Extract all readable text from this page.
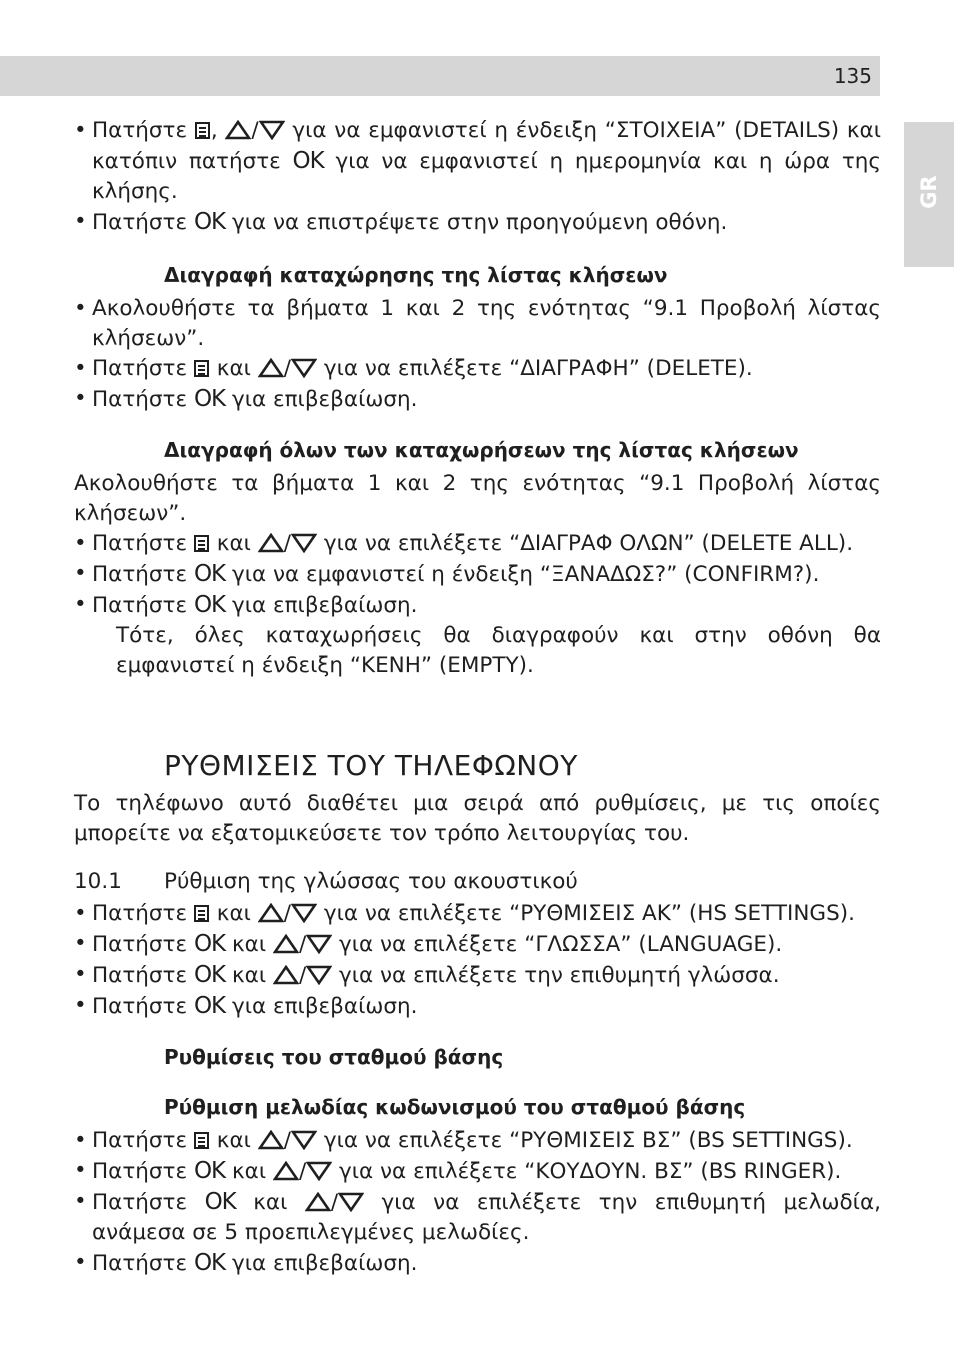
135
GR
• Πατήστε , / για να εμφανιστεί η ένδειξη “ΣΤΟΙΧΕΙΑ” (DETAILS) και κατόπιν πατήστε OK για να εμφανιστεί η ημερομηνία και η ώρα της κλήσης.
• Πατήστε OK για να επιστρέψετε στην προηγούμενη οθόνη.
Διαγραφή καταχώρησης της λίστας κλήσεων
• Ακολουθήστε τα βήματα 1 και 2 της ενότητας “9.1 Προβολή λίστας κλήσεων”.
• Πατήστε και / για να επιλέξετε “ΔΙΑΓΡΑΦΗ” (DELETE).
• Πατήστε OK για επιβεβαίωση.
Διαγραφή όλων των καταχωρήσεων της λίστας κλήσεων
Ακολουθήστε τα βήματα 1 και 2 της ενότητας “9.1 Προβολή λίστας κλήσεων”.
• Πατήστε και / για να επιλέξετε “ΔΙΑΓΡΑΦ ΟΛΩΝ” (DELETE ALL).
• Πατήστε OK για να εμφανιστεί η ένδειξη “ΞΑΝΑΔΩΣ?” (CONFIRM?).
• Πατήστε OK για επιβεβαίωση.
Τότε, όλες καταχωρήσεις θα διαγραφούν και στην οθόνη θα εμφανιστεί η ένδειξη “ΚΕΝΗ” (EMPTY).
ΡΥΘΜΙΣΕΙΣ ΤΟΥ ΤΗΛΕΦΩΝΟΥ
Το τηλέφωνο αυτό διαθέτει μια σειρά από ρυθμίσεις, με τις οποίες μπορείτε να εξατομικεύσετε τον τρόπο λειτουργίας του.
10.1 Ρύθμιση της γλώσσας του ακουστικού
• Πατήστε και / για να επιλέξετε “ΡΥΘΜΙΣΕΙΣ ΑΚ” (HS SETTINGS).
• Πατήστε OK και / για να επιλέξετε “ΓΛΩΣΣΑ” (LANGUAGE).
• Πατήστε OK και / για να επιλέξετε την επιθυμητή γλώσσα.
• Πατήστε OK για επιβεβαίωση.
Ρυθμίσεις του σταθμού βάσης
Ρύθμιση μελωδίας κωδωνισμού του σταθμού βάσης
• Πατήστε και / για να επιλέξετε “ΡΥΘΜΙΣΕΙΣ ΒΣ” (BS SETTINGS).
• Πατήστε OK και / για να επιλέξετε “ΚΟΥΔΟΥΝ. ΒΣ” (BS RINGER).
• Πατήστε OK και / για να επιλέξετε την επιθυμητή μελωδία, ανάμεσα σε 5 προεπιλεγμένες μελωδίες.
• Πατήστε OK για επιβεβαίωση.
